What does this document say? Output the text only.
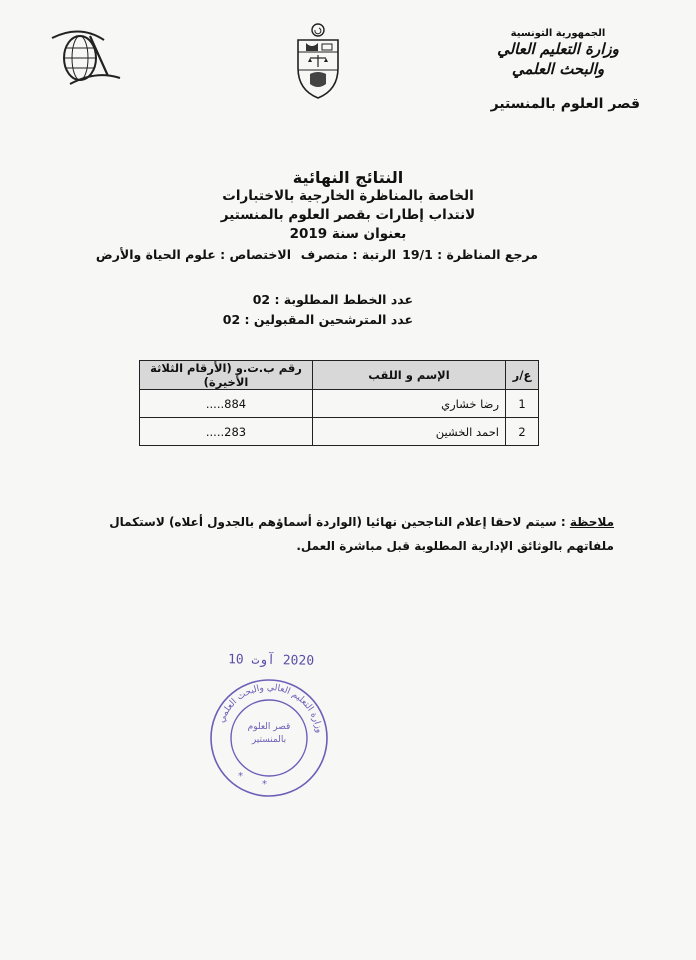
الجمهورية التونسية
وزارة التعليم العالي
والبحث العلمي
قصر العلوم بالمنستير
النتائج النهائية
الخاصة بالمناظرة الخارجية بالاختبارات
لانتداب إطارات بقصر العلوم بالمنستير
بعنوان سنة 2019
مرجع المناظرة : 19/1
الرتبة : متصرف
الاختصاص : علوم الحياة والأرض
عدد الخطط المطلوبة : 02
عدد المترشحين المقبولين : 02
ع/ر	الإسم و اللقب	رقم ب.ت.و (الأرقام الثلاثة الأخيرة)
1	رضا خشاري	884.....
2	احمد الخشين	283.....
ملاحظة : سيتم لاحقا إعلام الناجحين نهائيا (الواردة أسماؤهم بالجدول أعلاه) لاستكمال ملفاتهم بالوثائق الإدارية المطلوبة قبل مباشرة العمل.
2020 آوت 10
وزارة التعليم العالي والبحث العلمي
قصر العلوم بالمنستير
*
*
